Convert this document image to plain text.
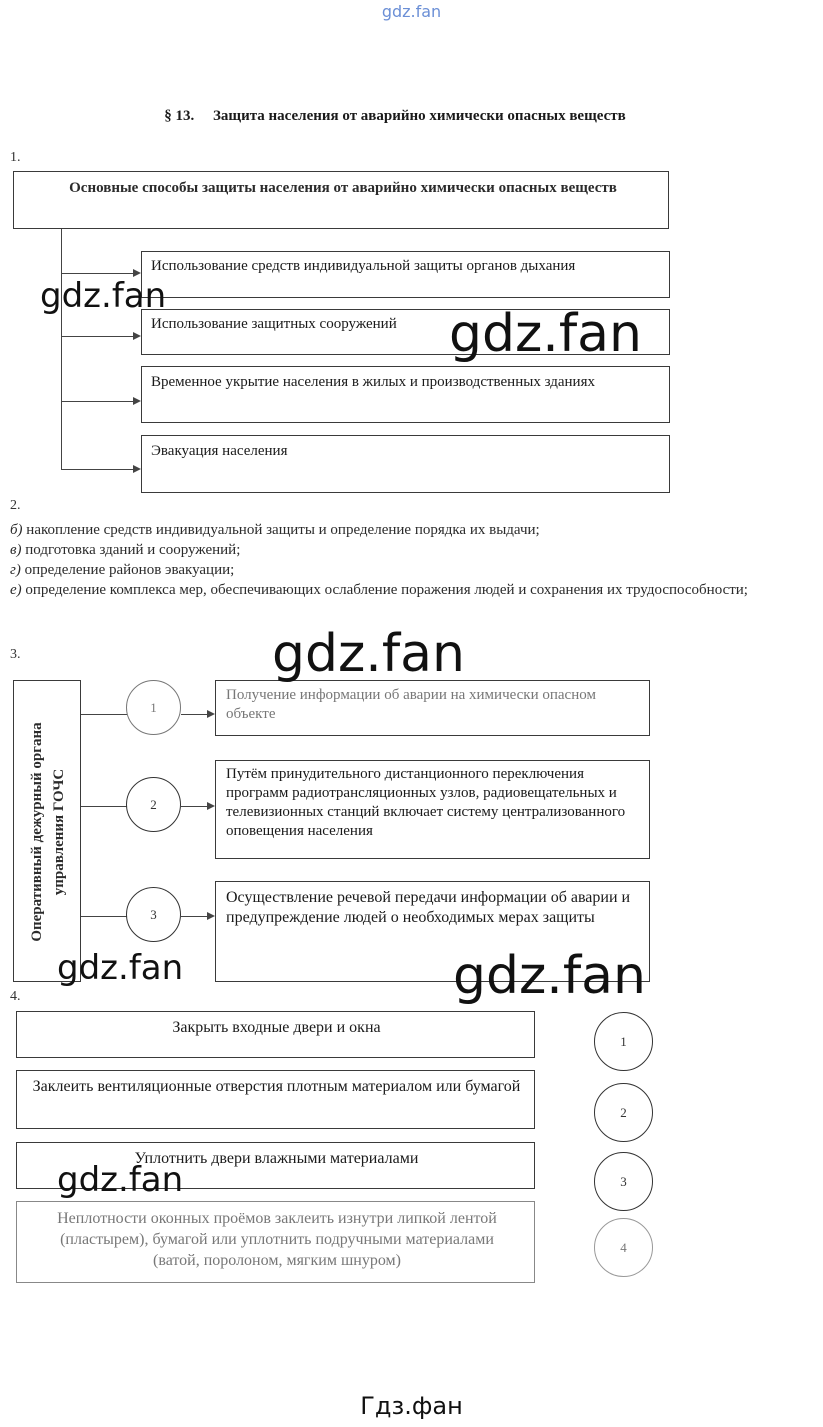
gdz.fan
§ 13.     Защита населения от аварийно химически опасных веществ
1.
Основные способы защиты населения от аварийно химически опасных веществ
Использование средств индивидуальной защиты органов дыхания
Использование защитных сооружений
Временное укрытие населения в жилых и производственных зданиях
Эвакуация населения
2.
б) накопление средств индивидуальной защиты и определение порядка их выдачи;
в) подготовка зданий и сооружений;
г) определение районов эвакуации;
е) определение комплекса мер, обеспечивающих ослабление поражения людей и сохранения их трудоспособности;
3.
Оперативный дежурный органа управления ГОЧС
1
Получение информации об аварии на химически опасном объекте
2
Путём принудительного дистанционного переключения программ радиотрансляционных узлов, радиовещательных и телевизионных станций включает систему централизованного оповещения населения
3
Осуществление речевой передачи информации об аварии и предупреждение людей о необходимых мерах защиты
4.
Закрыть входные двери и окна
1
Заклеить вентиляционные отверстия плотным материалом или бумагой
2
Уплотнить двери влажными материалами
3
Неплотности оконных проёмов заклеить изнутри липкой лентой (пластырем), бумагой или уплотнить подручными материалами (ватой, поролоном, мягким шнуром)
4
gdz.fan
gdz.fan
gdz.fan
gdz.fan	gdz.fan
gdz.fan
Гдз.фан
